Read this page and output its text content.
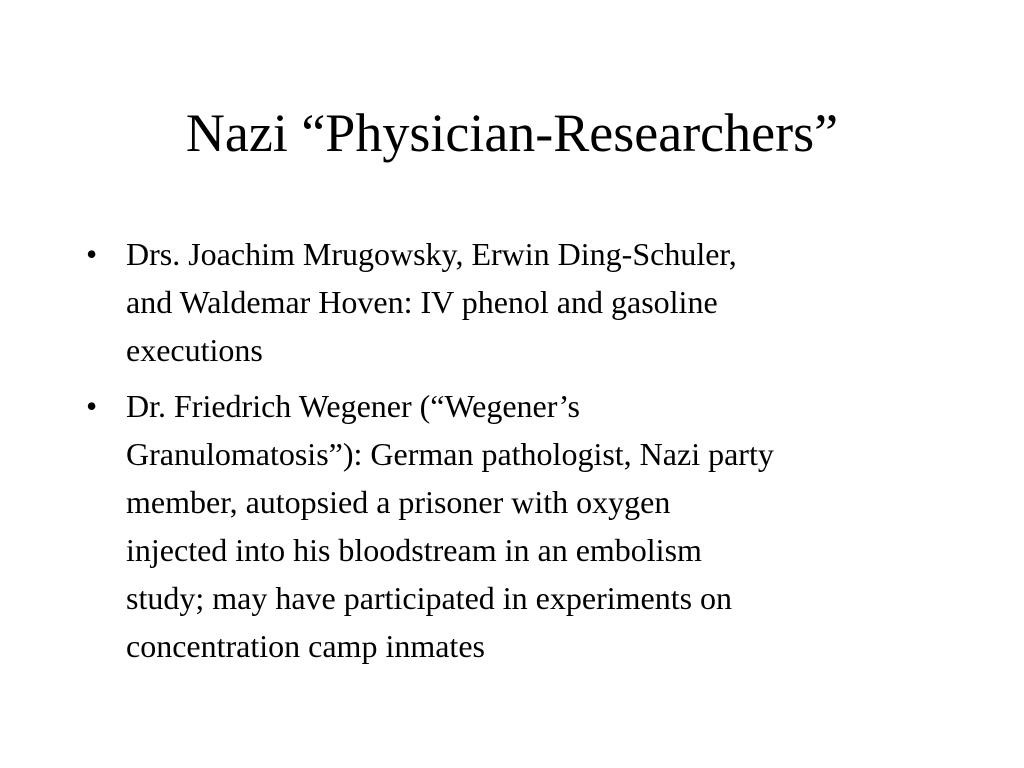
Nazi “Physician-Researchers”
• Drs. Joachim Mrugowsky, Erwin Ding-Schuler,
and Waldemar Hoven: IV phenol and gasoline
executions
• Dr. Friedrich Wegener (“Wegener’s
Granulomatosis”): German pathologist, Nazi party
member, autopsied a prisoner with oxygen
injected into his bloodstream in an embolism
study; may have participated in experiments on
concentration camp inmates
